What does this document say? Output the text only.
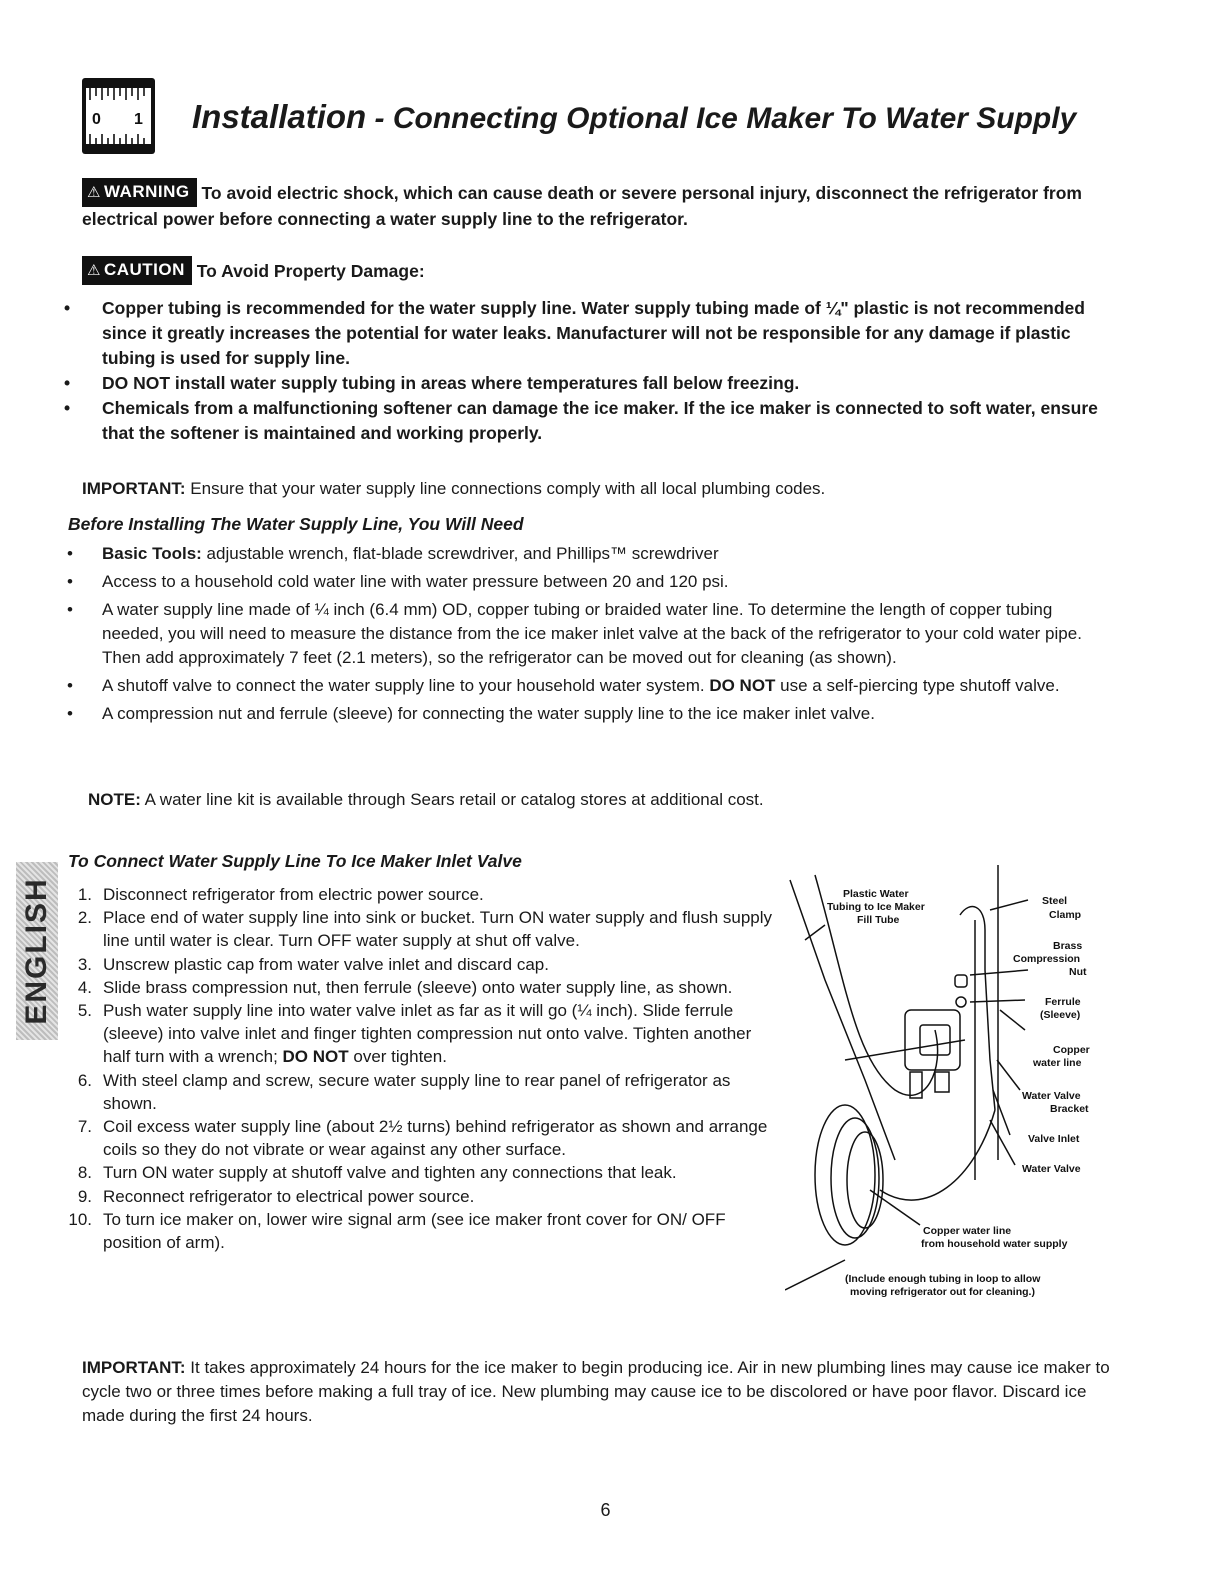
0 1 Installation - Connecting Optional Ice Maker To Water Supply
⚠ WARNING To avoid electric shock, which can cause death or severe personal injury, disconnect the refrigerator from electrical power before connecting a water supply line to the refrigerator.
⚠ CAUTION To Avoid Property Damage:
• Copper tubing is recommended for the water supply line. Water supply tubing made of ¼" plastic is not recommended since it greatly increases the potential for water leaks. Manufacturer will not be responsible for any damage if plastic tubing is used for supply line.
• DO NOT install water supply tubing in areas where temperatures fall below freezing.
• Chemicals from a malfunctioning softener can damage the ice maker. If the ice maker is connected to soft water, ensure that the softener is maintained and working properly.
IMPORTANT: Ensure that your water supply line connections comply with all local plumbing codes.
Before Installing The Water Supply Line, You Will Need
• Basic Tools: adjustable wrench, flat-blade screwdriver, and Phillips™ screwdriver
• Access to a household cold water line with water pressure between 20 and 120 psi.
• A water supply line made of ¼ inch (6.4 mm) OD, copper tubing or braided water line. To determine the length of copper tubing needed, you will need to measure the distance from the ice maker inlet valve at the back of the refrigerator to your cold water pipe. Then add approximately 7 feet (2.1 meters), so the refrigerator can be moved out for cleaning (as shown).
• A shutoff valve to connect the water supply line to your household water system. DO NOT use a self-piercing type shutoff valve.
• A compression nut and ferrule (sleeve) for connecting the water supply line to the ice maker inlet valve.
NOTE: A water line kit is available through Sears retail or catalog stores at additional cost.
ENGLISH
To Connect Water Supply Line To Ice Maker Inlet Valve
1. Disconnect refrigerator from electric power source.
2. Place end of water supply line into sink or bucket. Turn ON water supply and flush supply line until water is clear. Turn OFF water supply at shut off valve.
3. Unscrew plastic cap from water valve inlet and discard cap.
4. Slide brass compression nut, then ferrule (sleeve) onto water supply line, as shown.
5. Push water supply line into water valve inlet as far as it will go (¼ inch). Slide ferrule (sleeve) into valve inlet and finger tighten compression nut onto valve. Tighten another half turn with a wrench; DO NOT over tighten.
6. With steel clamp and screw, secure water supply line to rear panel of refrigerator as shown.
7. Coil excess water supply line (about 2½ turns) behind refrigerator as shown and arrange coils so they do not vibrate or wear against any other surface.
8. Turn ON water supply at shutoff valve and tighten any connections that leak.
9. Reconnect refrigerator to electrical power source.
10. To turn ice maker on, lower wire signal arm (see ice maker front cover for ON/ OFF position of arm).
Plastic Water
Tubing to Ice Maker
Fill Tube
Steel
Clamp
Brass
Compression
Nut
Ferrule
(Sleeve)
Copper
water line
Water Valve
Bracket
Valve Inlet
Water Valve
Copper water line
from household water supply
(Include enough tubing in loop to allow
moving refrigerator out for cleaning.)
IMPORTANT: It takes approximately 24 hours for the ice maker to begin producing ice. Air in new plumbing lines may cause ice maker to cycle two or three times before making a full tray of ice. New plumbing may cause ice to be discolored or have poor flavor. Discard ice made during the first 24 hours.
6
